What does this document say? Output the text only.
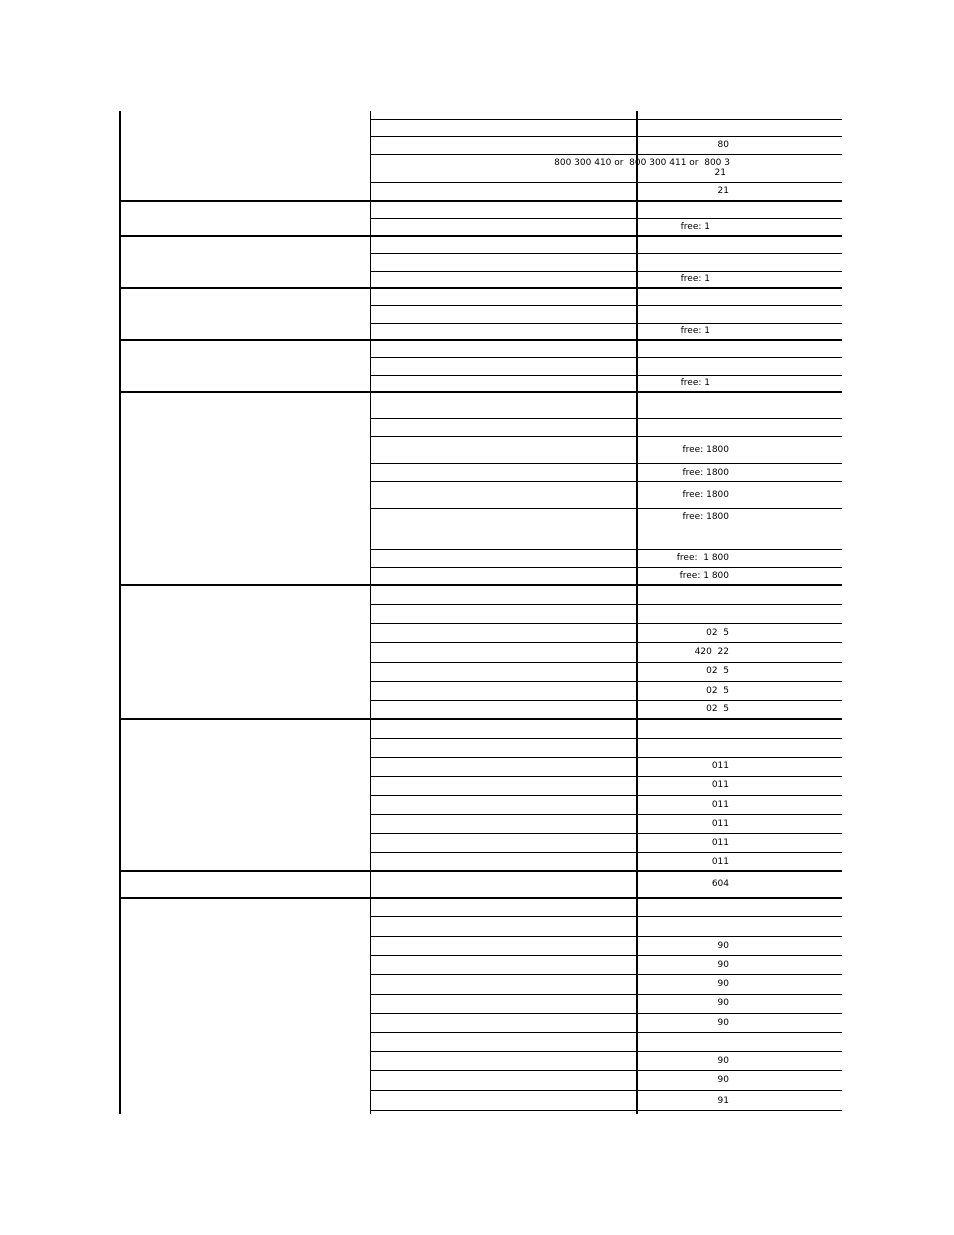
80
800 300 410 or  800 300 411 or  800 3
21
21
free: 1
free: 1
free: 1
free: 1
free: 1800
free: 1800
free: 1800
free: 1800
free:  1 800
free: 1 800
02  5
420  22
02  5
02  5
02  5
011
011
011
011
011
011
604
90
90
90
90
90
90
90
91
